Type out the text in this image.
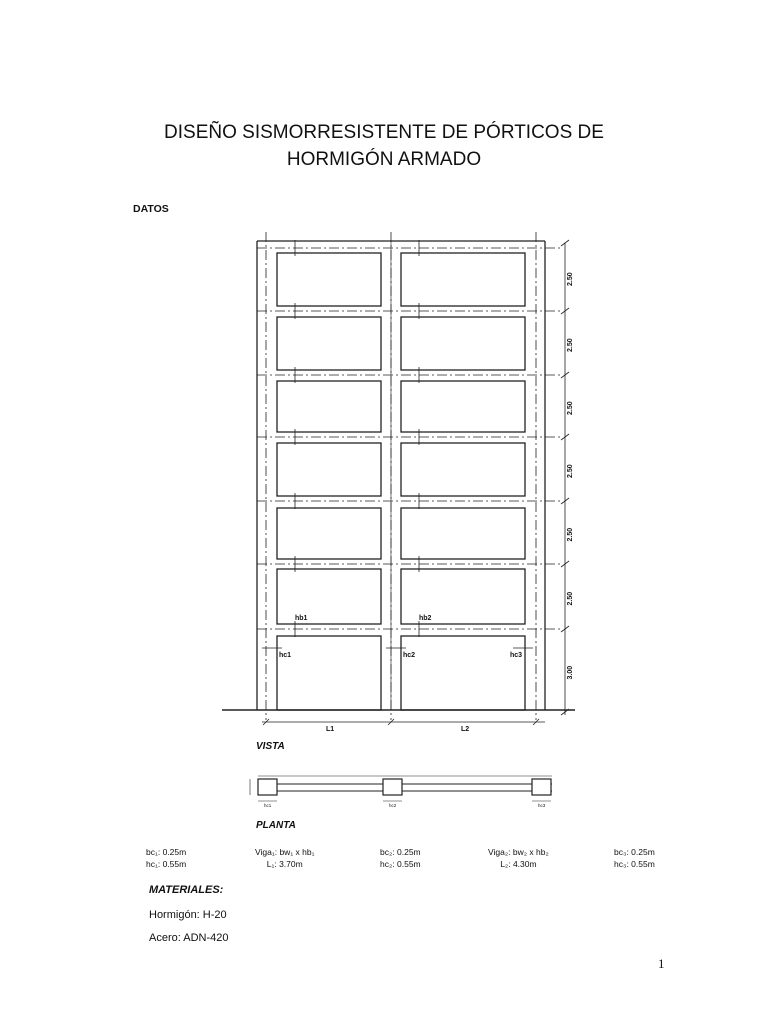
DISEÑO SISMORRESISTENTE DE PÓRTICOS DE
HORMIGÓN ARMADO
DATOS
2.50
2.50
2.50
2.50
2.50
2.50
3.00
L1	L2
hb1	hb2
hc1	hc2	hc3
hc1	hc2	hc3
VISTA
PLANTA
bc₁: 0.25m
hc₁: 0.55m
Viga₁: bw₁ x hb₁
L₁: 3.70m
bc₂: 0.25m
hc₂: 0.55m
Viga₂: bw₂ x hb₂
L₂: 4.30m
bc₃: 0.25m
hc₃: 0.55m
MATERIALES:
Hormigón: H-20
Acero: ADN-420
1
